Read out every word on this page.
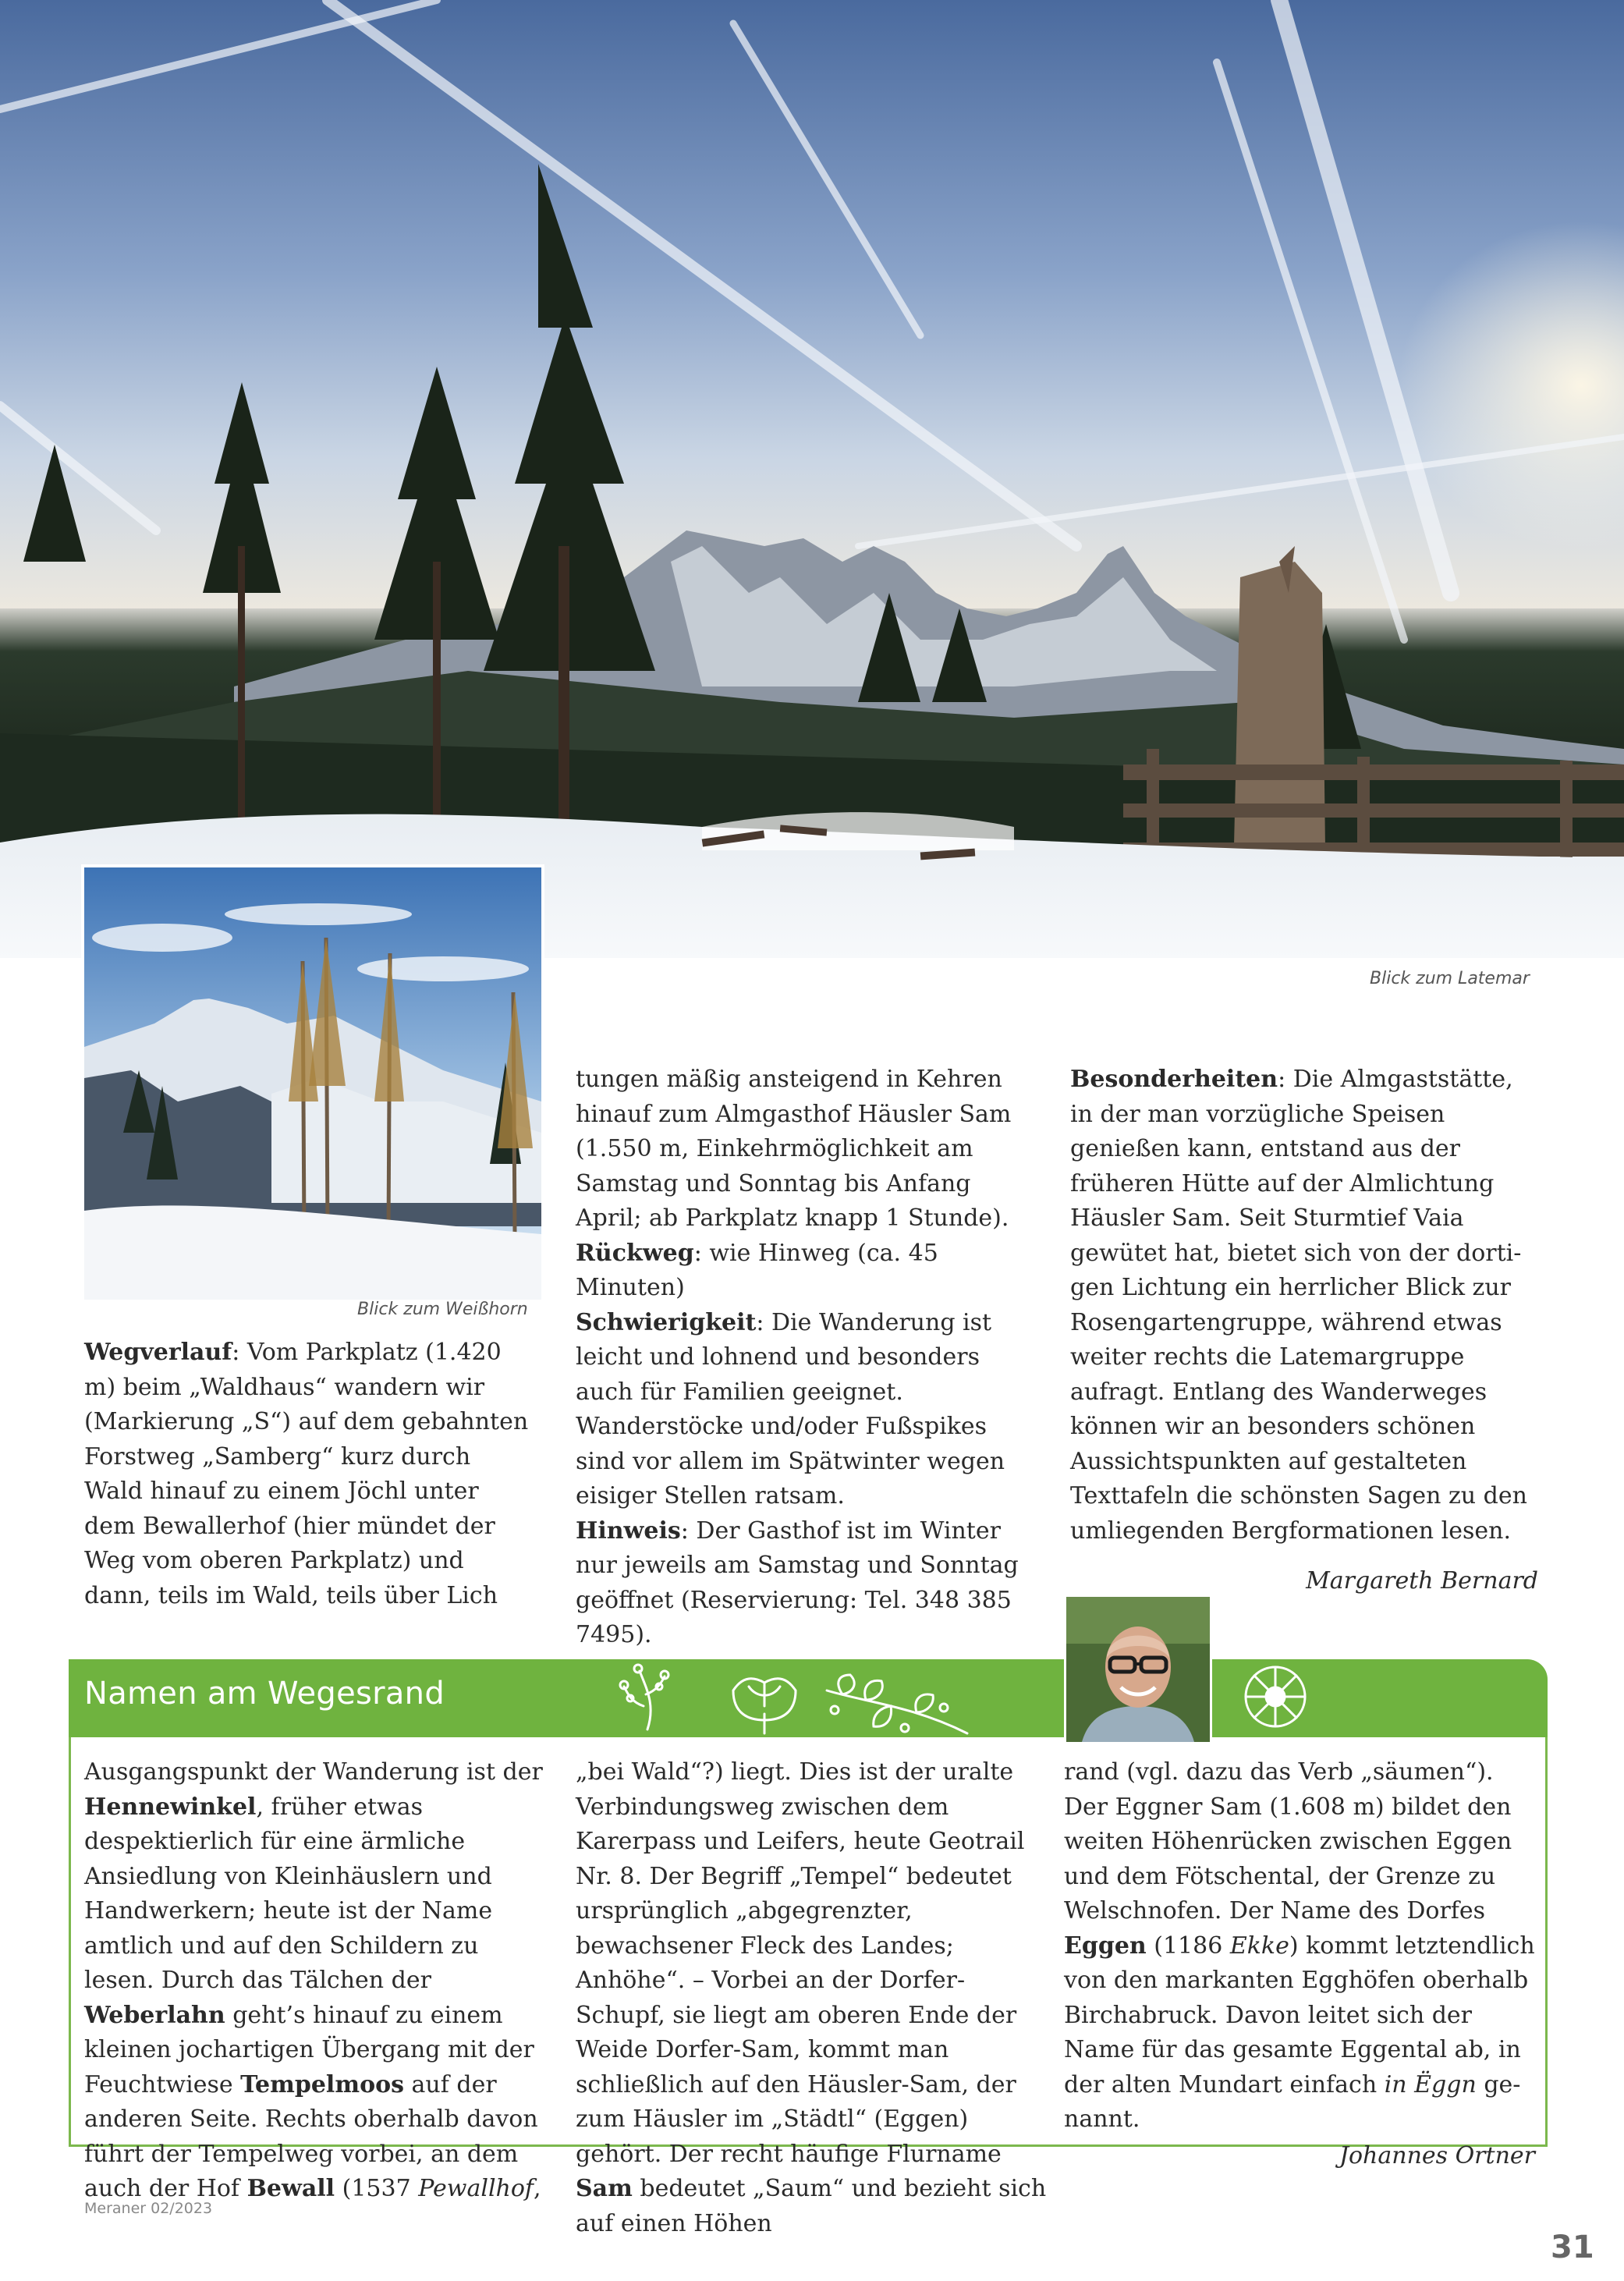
Blick zum Latemar
Blick zum Weißhorn

Wegverlauf: Vom Parkplatz (1.420 m) beim „Waldhaus“ wandern wir (Markierung „S“) auf dem gebahnten Forstweg „Samberg“ kurz durch Wald hinauf zu einem Jöchl unter dem Bewallerhof (hier mündet der Weg vom oberen Parkplatz) und dann, teils im Wald, teils über Lich

tungen mäßig ansteigend in Kehren hinauf zum Almgasthof Häusler Sam (1.550 m, Einkehrmöglichkeit am Samstag und Sonntag bis Anfang April; ab Parkplatz knapp 1 Stunde).

Rückweg: wie Hinweg (ca. 45 Minuten)

Schwierigkeit: Die Wanderung ist leicht und lohnend und besonders auch für Familien geeignet. Wanderstöcke und/oder Fußspikes sind vor allem im Spätwinter wegen eisiger Stellen ratsam.

Hinweis: Der Gasthof ist im Winter nur jeweils am Samstag und Sonntag geöffnet (Reservierung: Tel. 348 385 7495).

Besonderheiten: Die Almgaststätte, in der man vorzügliche Speisen genießen kann, entstand aus der früheren Hütte auf der Almlichtung Häusler Sam. Seit Sturmtief Vaia gewütet hat, bietet sich von der dortigen Lichtung ein herrlicher Blick zur Rosengartengruppe, während etwas weiter rechts die Latemargruppe aufragt. Entlang des Wanderweges können wir an besonders schönen Aussichtspunkten auf gestalteten Texttafeln die schönsten Sagen zu den umliegenden Bergformationen lesen.

Margareth Bernard

Namen am Wegesrand

Ausgangspunkt der Wanderung ist der Hennewinkel, früher etwas despektierlich für eine ärmliche Ansiedlung von Kleinhäuslern und Handwerkern; heute ist der Name amtlich und auf den Schildern zu lesen. Durch das Tälchen der Weberlahn geht’s hinauf zu einem kleinen jochartigen Übergang mit der Feuchtwiese Tempelmoos auf der anderen Seite. Rechts oberhalb davon führt der Tempelweg vorbei, an dem auch der Hof Bewall (1537 Pewallhof,

„bei Wald“?) liegt. Dies ist der uralte Verbindungsweg zwischen dem Karerpass und Leifers, heute Geotrail Nr. 8. Der Begriff „Tempel“ bedeutet ursprünglich „abgegrenzter, bewachsener Fleck des Landes; Anhöhe“. – Vorbei an der Dorfer-Schupf, sie liegt am oberen Ende der Weide Dorfer-Sam, kommt man schließlich auf den Häusler-Sam, der zum Häusler im „Städtl“ (Eggen) gehört. Der recht häufige Flurname Sam bedeutet „Saum“ und bezieht sich auf einen Höhen

rand (vgl. dazu das Verb „säumen“). Der Eggner Sam (1.608 m) bildet den weiten Höhenrücken zwischen Eggen und dem Fötschental, der Grenze zu Welschnofen. Der Name des Dorfes Eggen (1186 Ekke) kommt letztendlich von den markanten Egghöfen oberhalb Birchabruck. Davon leitet sich der Name für das gesamte Eggental ab, in der alten Mundart einfach in Ëggn genannt.

Johannes Ortner

Meraner 02/2023
31
